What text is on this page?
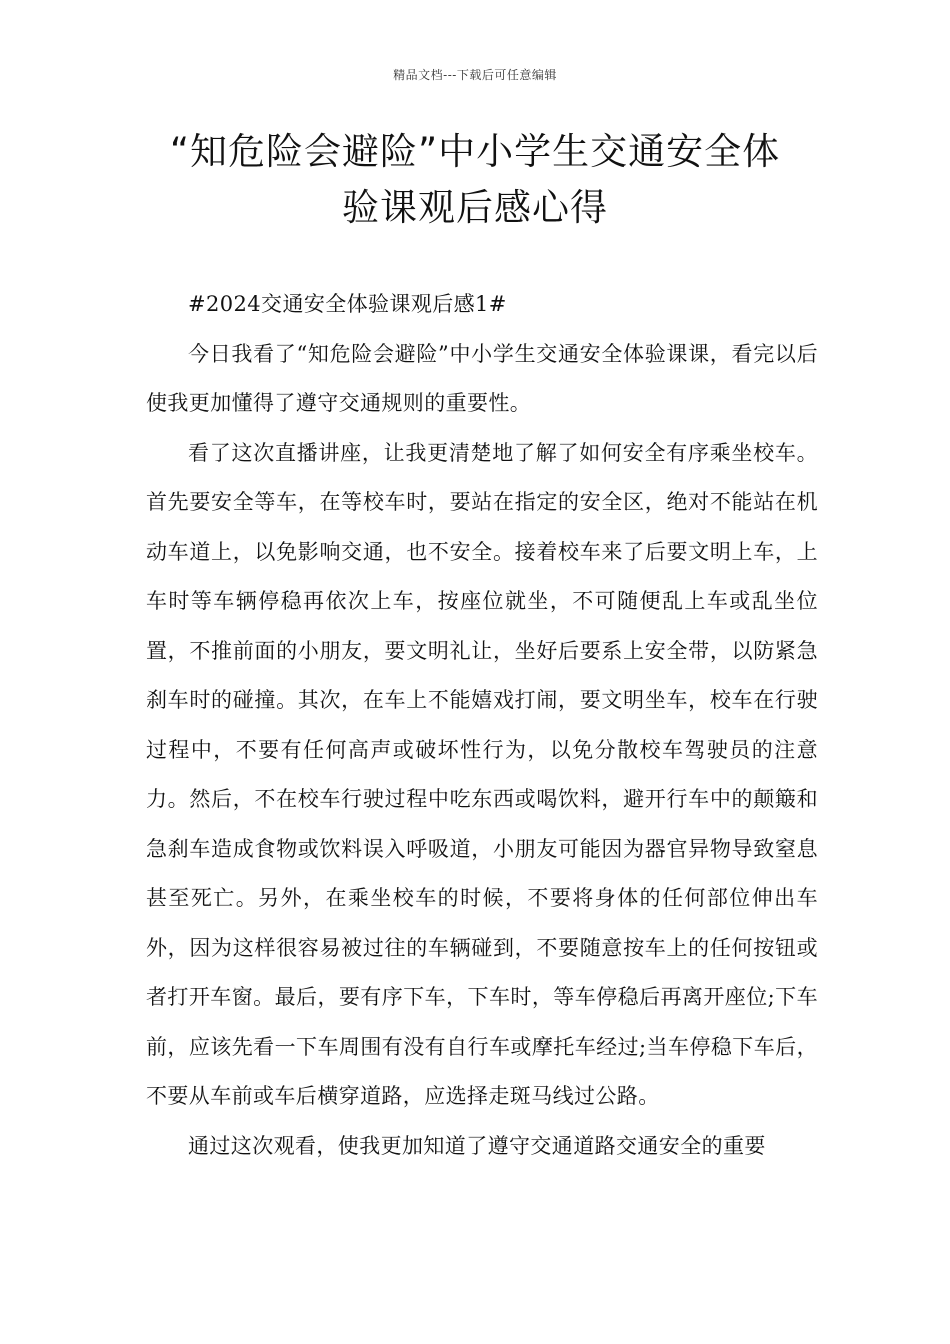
精品文档---下载后可任意编辑
“知危险会避险”中小学生交通安全体
验课观后感心得

#2024交通安全体验课观后感1#

今日我看了“知危险会避险”中小学生交通安全体验课课，看完以后使我更加懂得了遵守交通规则的重要性。

看了这次直播讲座，让我更清楚地了解了如何安全有序乘坐校车。首先要安全等车，在等校车时，要站在指定的安全区，绝对不能站在机动车道上，以免影响交通，也不安全。接着校车来了后要文明上车，上车时等车辆停稳再依次上车，按座位就坐，不可随便乱上车或乱坐位置，不推前面的小朋友，要文明礼让，坐好后要系上安全带，以防紧急刹车时的碰撞。其次，在车上不能嬉戏打闹，要文明坐车，校车在行驶过程中，不要有任何高声或破坏性行为，以免分散校车驾驶员的注意力。然后，不在校车行驶过程中吃东西或喝饮料，避开行车中的颠簸和急刹车造成食物或饮料误入呼吸道，小朋友可能因为器官异物导致窒息甚至死亡。另外，在乘坐校车的时候，不要将身体的任何部位伸出车外，因为这样很容易被过往的车辆碰到，不要随意按车上的任何按钮或者打开车窗。最后，要有序下车，下车时，等车停稳后再离开座位;下车前，应该先看一下车周围有没有自行车或摩托车经过;当车停稳下车后，不要从车前或车后横穿道路，应选择走斑马线过公路。

通过这次观看，使我更加知道了遵守交通道路交通安全的重要
